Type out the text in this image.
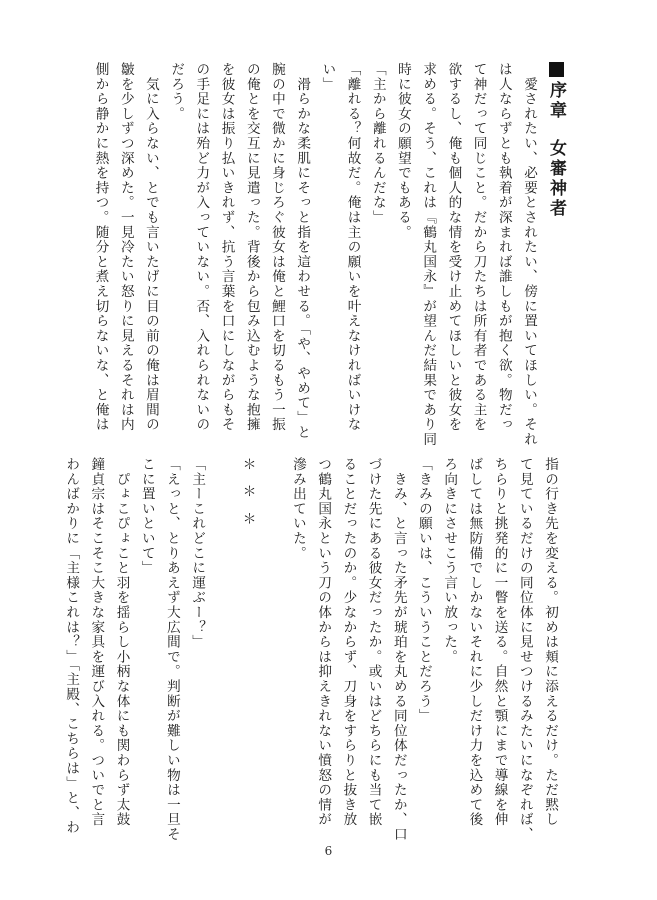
序章女審神者

　愛されたい、必要とされたい、傍に置いてほしい。それ

は人ならずとも執着が深まれば誰しもが抱く欲。物だっ

て神だって同じこと。だから刀たちは所有者である主を

欲するし、俺も個人的な情を受け止めてほしいと彼女を

求める。そう、これは『鶴丸国永』が望んだ結果であり同

時に彼女の願望でもある。

「主から離れるんだな」

「離れる？何故だ。俺は主の願いを叶えなければいけな

い」

　滑らかな柔肌にそっと指を這わせる。「や、やめて」と

腕の中で微かに身じろぐ彼女は俺と鯉口を切るもう一振

の俺とを交互に見遣った。背後から包み込むような抱擁

を彼女は振り払いきれず、抗う言葉を口にしながらもそ

の手足には殆ど力が入っていない。否、入れられないの

だろう。

　気に入らない、とでも言いたげに目の前の俺は眉間の

皺を少しずつ深めた。一見冷たい怒りに見えるそれは内

側から静かに熱を持つ。随分と煮え切らないな、と俺は

指の行き先を変える。初めは頬に添えるだけ。ただ黙し

て見ているだけの同位体に見せつけるみたいになぞれば、

ちらりと挑発的に一瞥を送る。自然と顎にまで導線を伸

ばしては無防備でしかないそれに少しだけ力を込めて後

ろ向きにさせこう言い放った。

「きみの願いは、こういうことだろう」

　きみ、と言った矛先が琥珀を丸める同位体だったか、口

づけた先にある彼女だったか。或いはどちらにも当て嵌

ることだったのか。少なからず、刀身をすらりと抜き放

つ鶴丸国永という刀の体からは抑えきれない憤怒の情が

滲み出ていた。

＊　＊　＊

「主ーこれどこに運ぶー？」

「えっと、とりあえず大広間で。判断が難しい物は一旦そ

こに置いといて」

　ぴょこぴょこと羽を揺らし小柄な体にも関わらず太鼓

鐘貞宗はそこそこ大きな家具を運び入れる。ついでと言

わんばかりに「主様これは？」「主殿、こちらは」と、わ

6
